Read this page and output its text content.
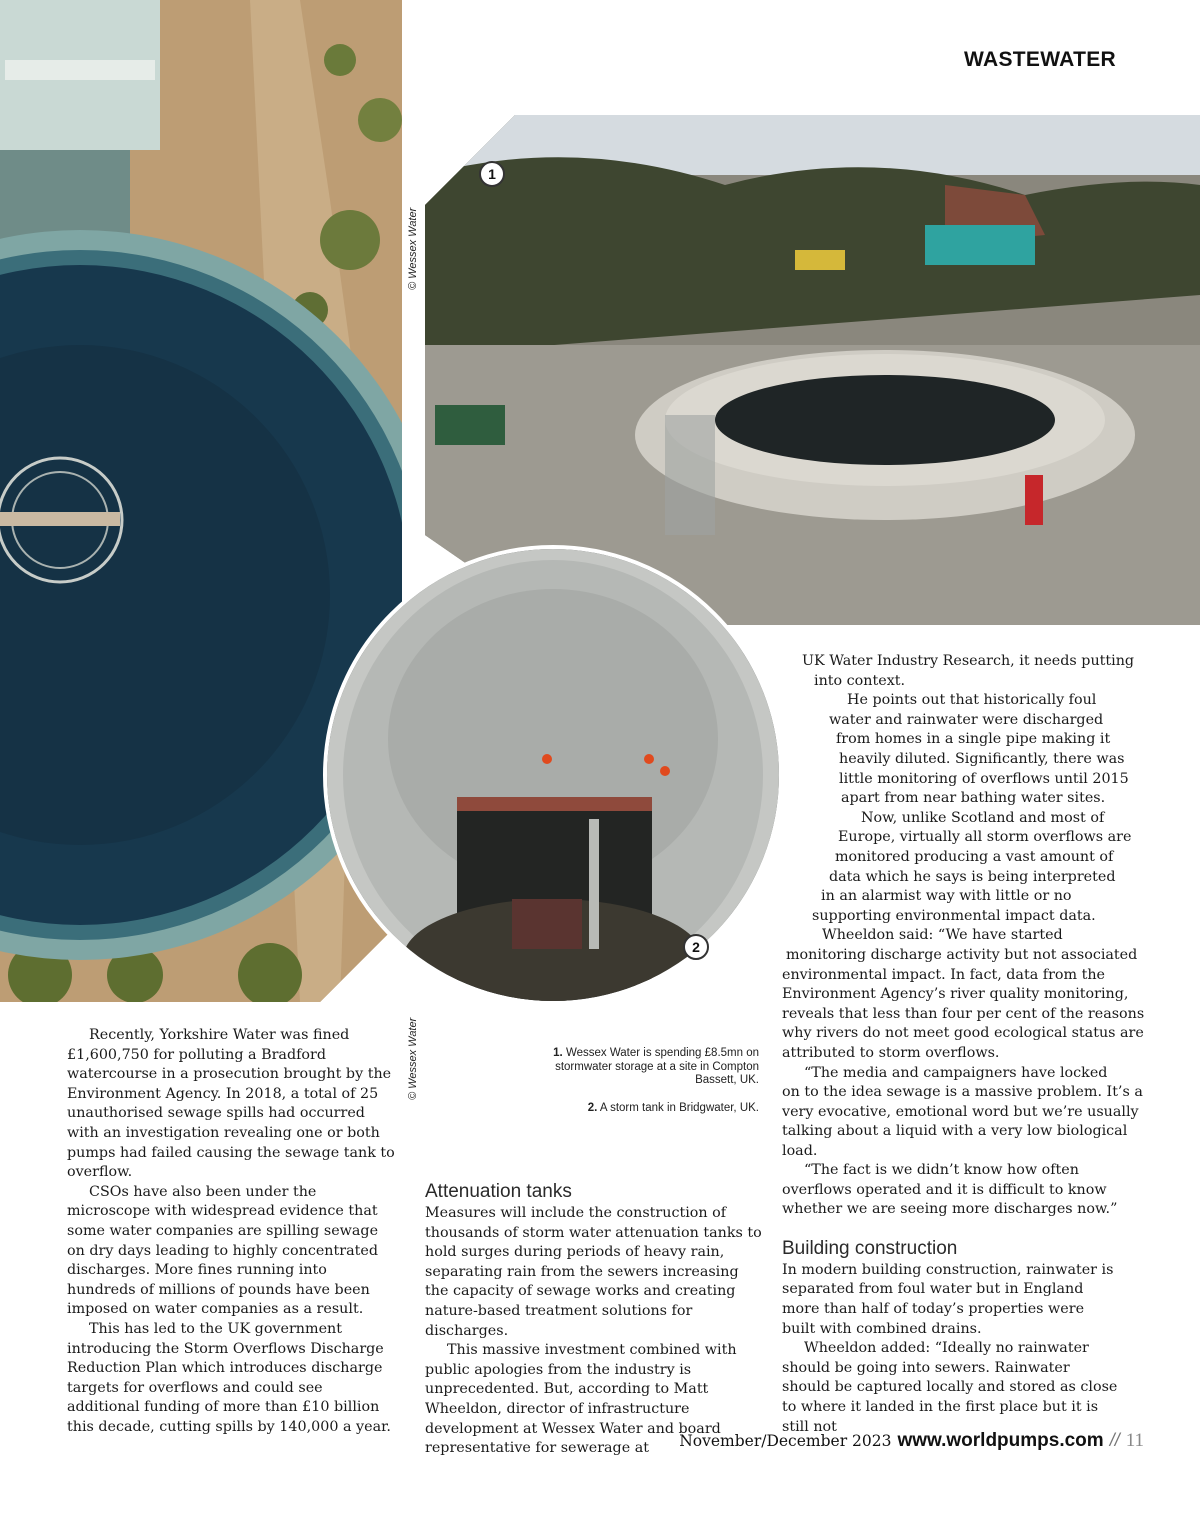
WASTEWATER
© Wessex Water
1
2
© Wessex Water	1. Wessex Water is spending £8.5mn on stormwater storage at a site in Compton Bassett, UK.

2. A storm tank in Bridgwater, UK.

Recently, Yorkshire Water was fined £1,600,750 for polluting a Bradford watercourse in a prosecution brought by the Environment Agency. In 2018, a total of 25 unauthorised sewage spills had occurred with an investigation revealing one or both pumps had failed causing the sewage tank to overflow.

CSOs have also been under the microscope with widespread evidence that some water companies are spilling sewage on dry days leading to highly concentrated discharges. More fines running into hundreds of millions of pounds have been imposed on water companies as a result.

This has led to the UK government introducing the Storm Overflows Discharge Reduction Plan which introduces discharge targets for overflows and could see additional funding of more than £10 billion this decade, cutting spills by 140,000 a year.

Attenuation tanks

Measures will include the construction of thousands of storm water attenuation tanks to hold surges during periods of heavy rain, separating rain from the sewers increasing the capacity of sewage works and creating nature-based treatment solutions for discharges.

This massive investment combined with public apologies from the industry is unprecedented. But, according to Matt Wheeldon, director of infrastructure development at Wessex Water and board representative for sewerage at

UK Water Industry Research, it needs putting
into context.
He points out that historically foul
water and rainwater were discharged
from homes in a single pipe making it
heavily diluted. Significantly, there was
little monitoring of overflows until 2015
apart from near bathing water sites.
Now, unlike Scotland and most of
Europe, virtually all storm overflows are
monitored producing a vast amount of
data which he says is being interpreted
in an alarmist way with little or no
supporting environmental impact data.
Wheeldon said: “We have started
monitoring discharge activity but not associated
environmental impact. In fact, data from the
Environment Agency’s river quality monitoring,
reveals that less than four per cent of the reasons
why rivers do not meet good ecological status are
attributed to storm overflows.
“The media and campaigners have locked
on to the idea sewage is a massive problem. It’s a
very evocative, emotional word but we’re usually
talking about a liquid with a very low biological
load.

“The fact is we didn’t know how often overflows operated and it is difficult to know whether we are seeing more discharges now.”

Building construction

In modern building construction, rainwater is separated from foul water but in England more than half of today’s properties were built with combined drains.

Wheeldon added: “Ideally no rainwater should be going into sewers. Rainwater should be captured locally and stored as close to where it landed in the first place but it is still not

November/December 2023 www.worldpumps.com // 11
